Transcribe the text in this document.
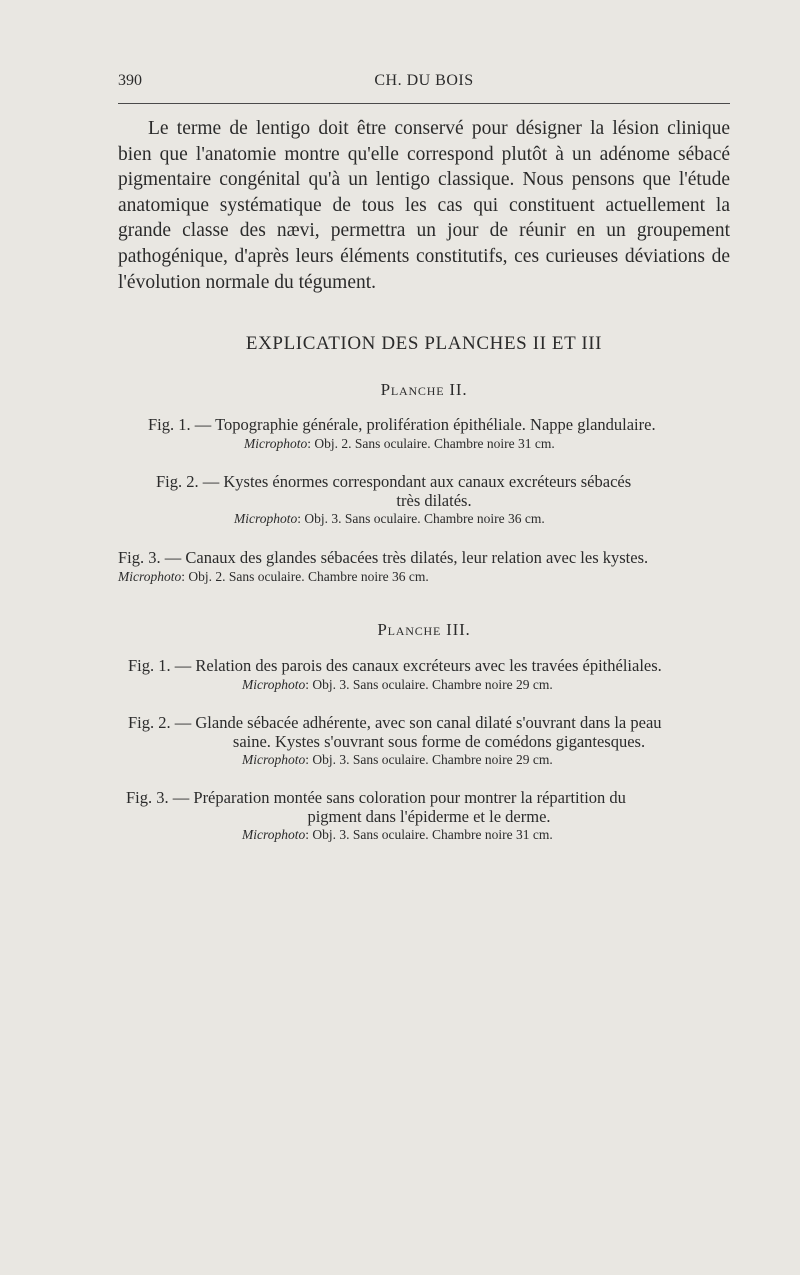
390	CH. DU BOIS

Le terme de lentigo doit être conservé pour désigner la lésion clinique bien que l'anatomie montre qu'elle correspond plutôt à un adénome sébacé pigmentaire congénital qu'à un lentigo classique. Nous pensons que l'étude anatomique systématique de tous les cas qui constituent actuellement la grande classe des nævi, permettra un jour de réunir en un groupement pathogénique, d'après leurs éléments constitutifs, ces curieuses déviations de l'évolution normale du tégument.

EXPLICATION DES PLANCHES II ET III
Planche II.
Fig. 1. — Topographie générale, prolifération épithéliale. Nappe glandulaire.
Microphoto: Obj. 2. Sans oculaire. Chambre noire 31 cm.
Fig. 2. — Kystes énormes correspondant aux canaux excréteurs sébacés
très dilatés.
Microphoto: Obj. 3. Sans oculaire. Chambre noire 36 cm.
Fig. 3. — Canaux des glandes sébacées très dilatés, leur relation avec les kystes.
Microphoto: Obj. 2. Sans oculaire. Chambre noire 36 cm.
Planche III.
Fig. 1. — Relation des parois des canaux excréteurs avec les travées épithéliales.
Microphoto: Obj. 3. Sans oculaire. Chambre noire 29 cm.
Fig. 2. — Glande sébacée adhérente, avec son canal dilaté s'ouvrant dans la peau
saine. Kystes s'ouvrant sous forme de comédons gigantesques.
Microphoto: Obj. 3. Sans oculaire. Chambre noire 29 cm.
Fig. 3. — Préparation montée sans coloration pour montrer la répartition du
pigment dans l'épiderme et le derme.
Microphoto: Obj. 3. Sans oculaire. Chambre noire 31 cm.
